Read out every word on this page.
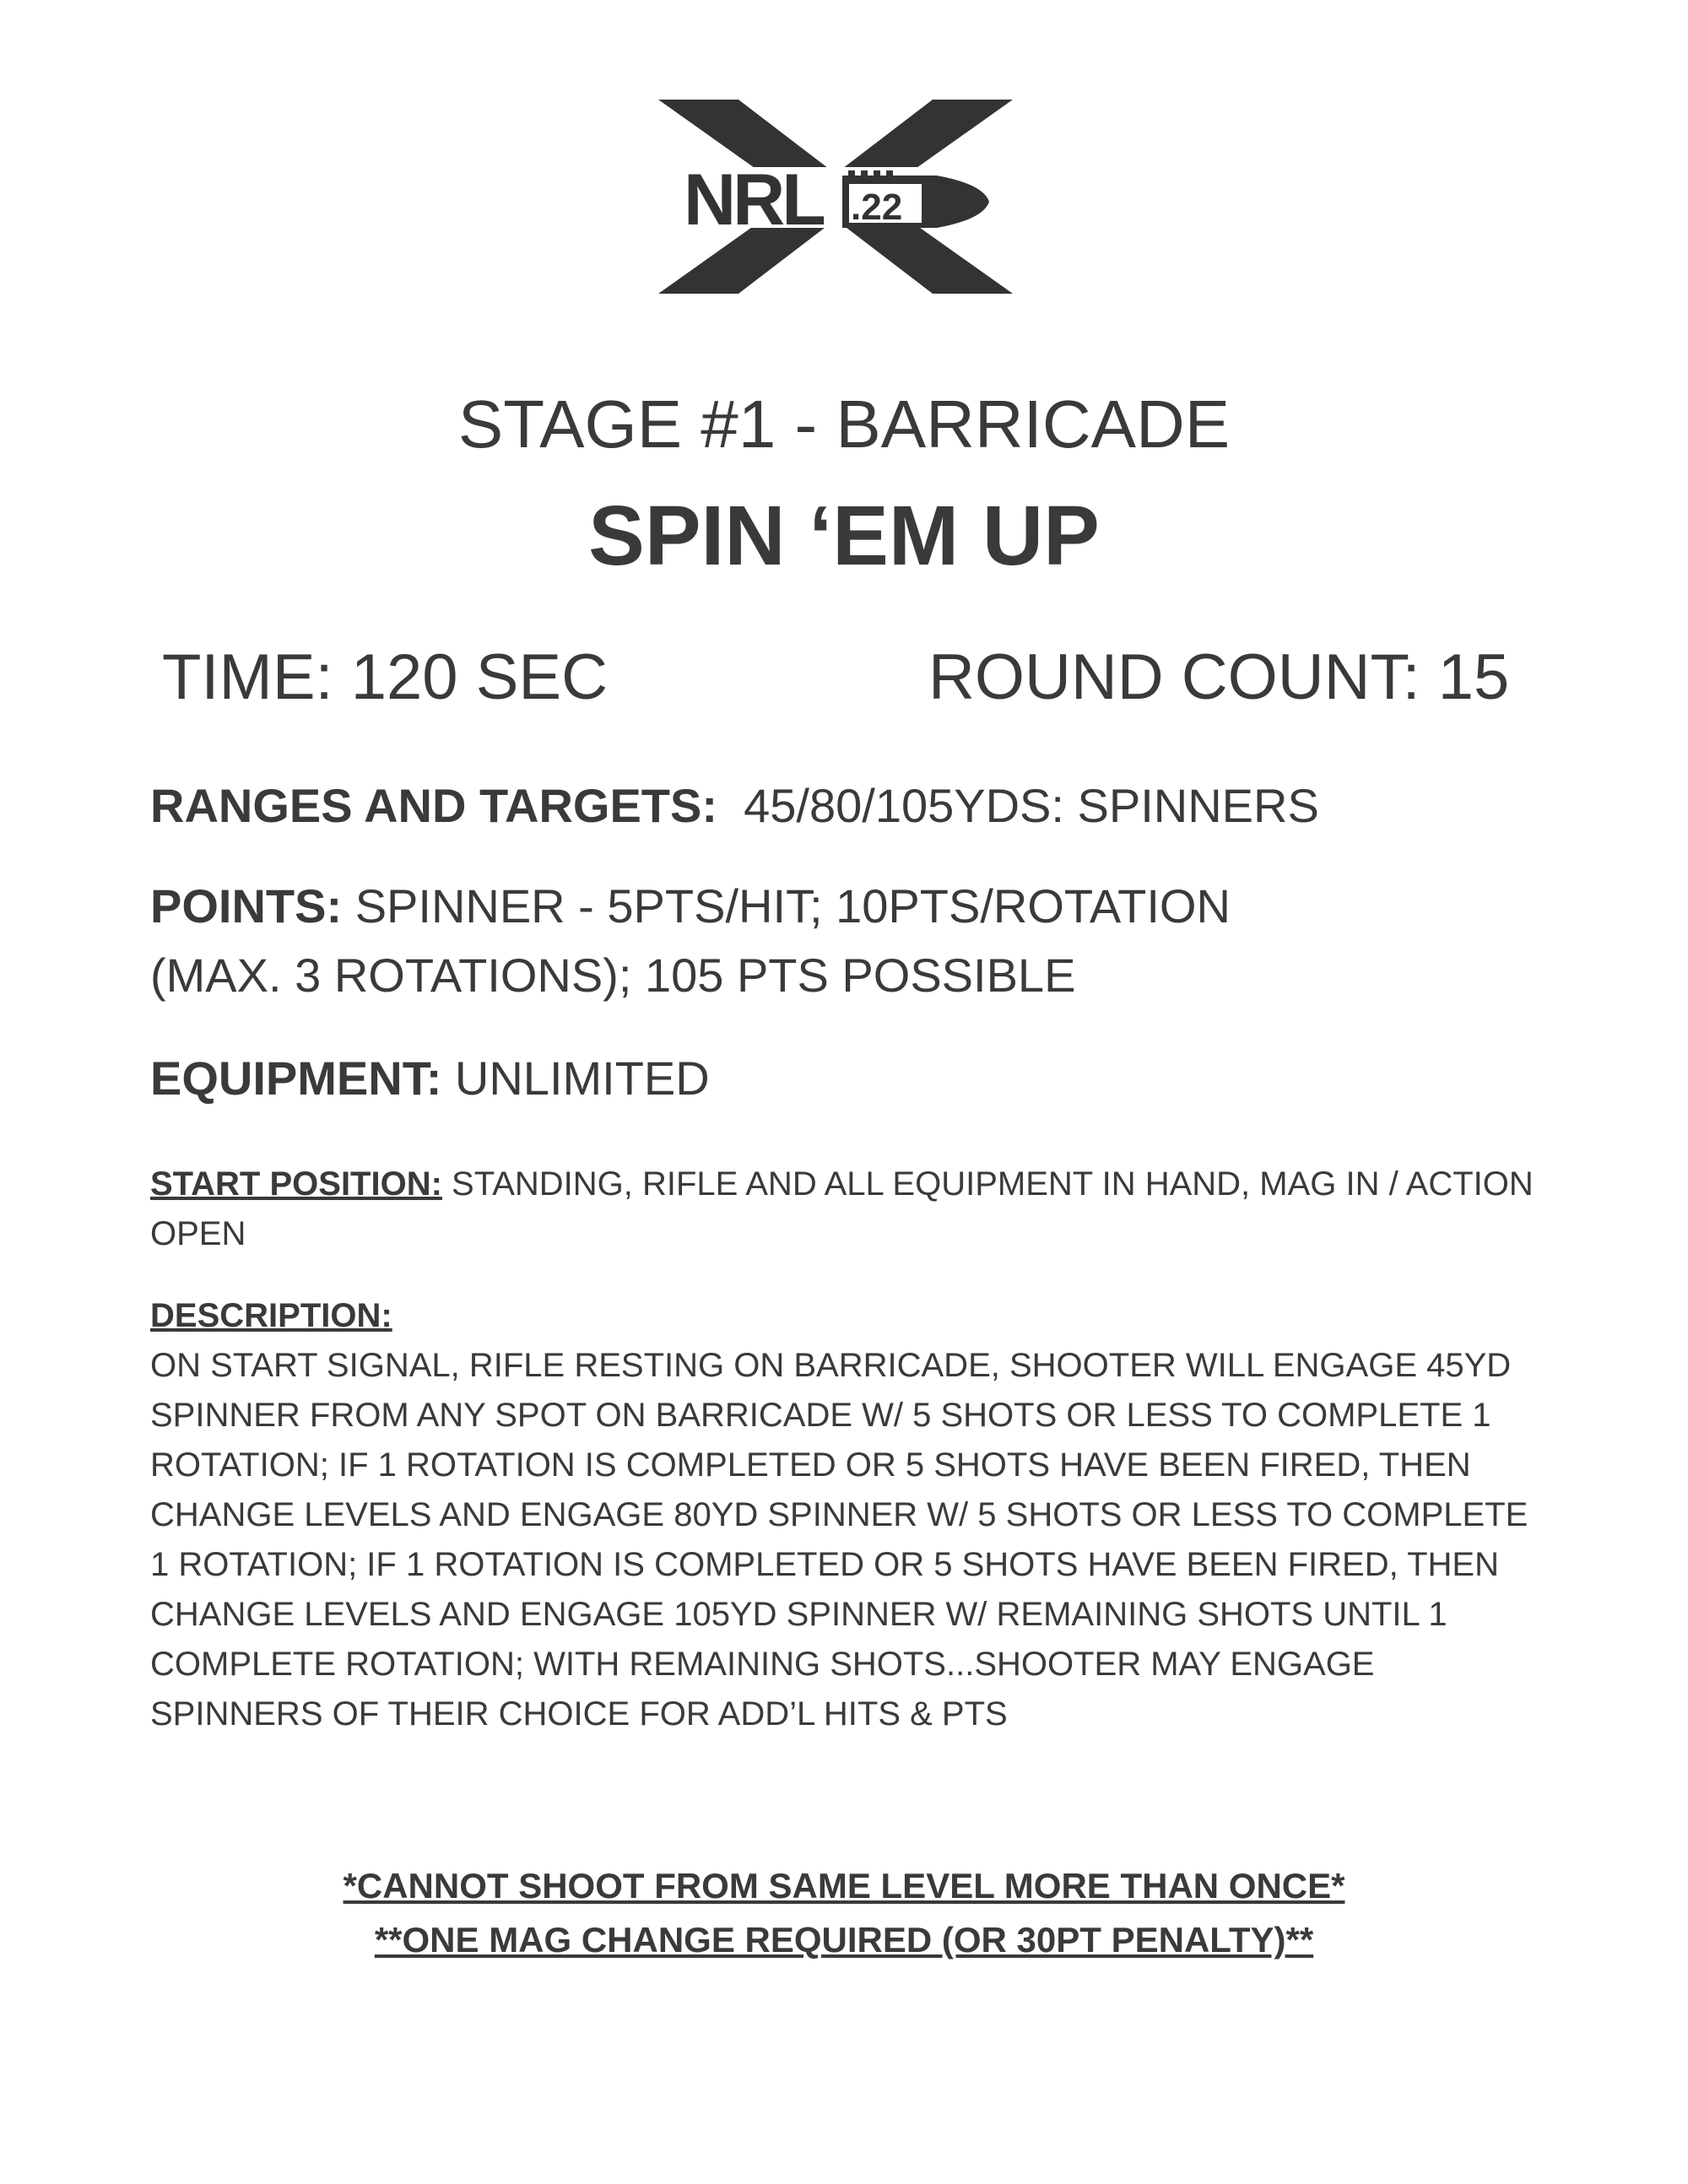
NRL .22
STAGE #1 - BARRICADE
SPIN ‘EM UP
TIME: 120 SEC	ROUND COUNT: 15
RANGES AND TARGETS: 45/80/105YDS: SPINNERS
POINTS: SPINNER - 5PTS/HIT; 10PTS/ROTATION
(MAX. 3 ROTATIONS); 105 PTS POSSIBLE
EQUIPMENT: UNLIMITED
START POSITION: STANDING, RIFLE AND ALL EQUIPMENT IN HAND, MAG IN / ACTION OPEN
DESCRIPTION:
ON START SIGNAL, RIFLE RESTING ON BARRICADE, SHOOTER WILL ENGAGE 45YD SPINNER FROM ANY SPOT ON BARRICADE W/ 5 SHOTS OR LESS TO COMPLETE 1 ROTATION; IF 1 ROTATION IS COMPLETED OR 5 SHOTS HAVE BEEN FIRED, THEN CHANGE LEVELS AND ENGAGE 80YD SPINNER W/ 5 SHOTS OR LESS TO COMPLETE 1 ROTATION; IF 1 ROTATION IS COMPLETED OR 5 SHOTS HAVE BEEN FIRED, THEN CHANGE LEVELS AND ENGAGE 105YD SPINNER W/ REMAINING SHOTS UNTIL 1 COMPLETE ROTATION; WITH REMAINING SHOTS...SHOOTER MAY ENGAGE SPINNERS OF THEIR CHOICE FOR ADD’L HITS & PTS
*CANNOT SHOOT FROM SAME LEVEL MORE THAN ONCE*
**ONE MAG CHANGE REQUIRED (OR 30PT PENALTY)**
